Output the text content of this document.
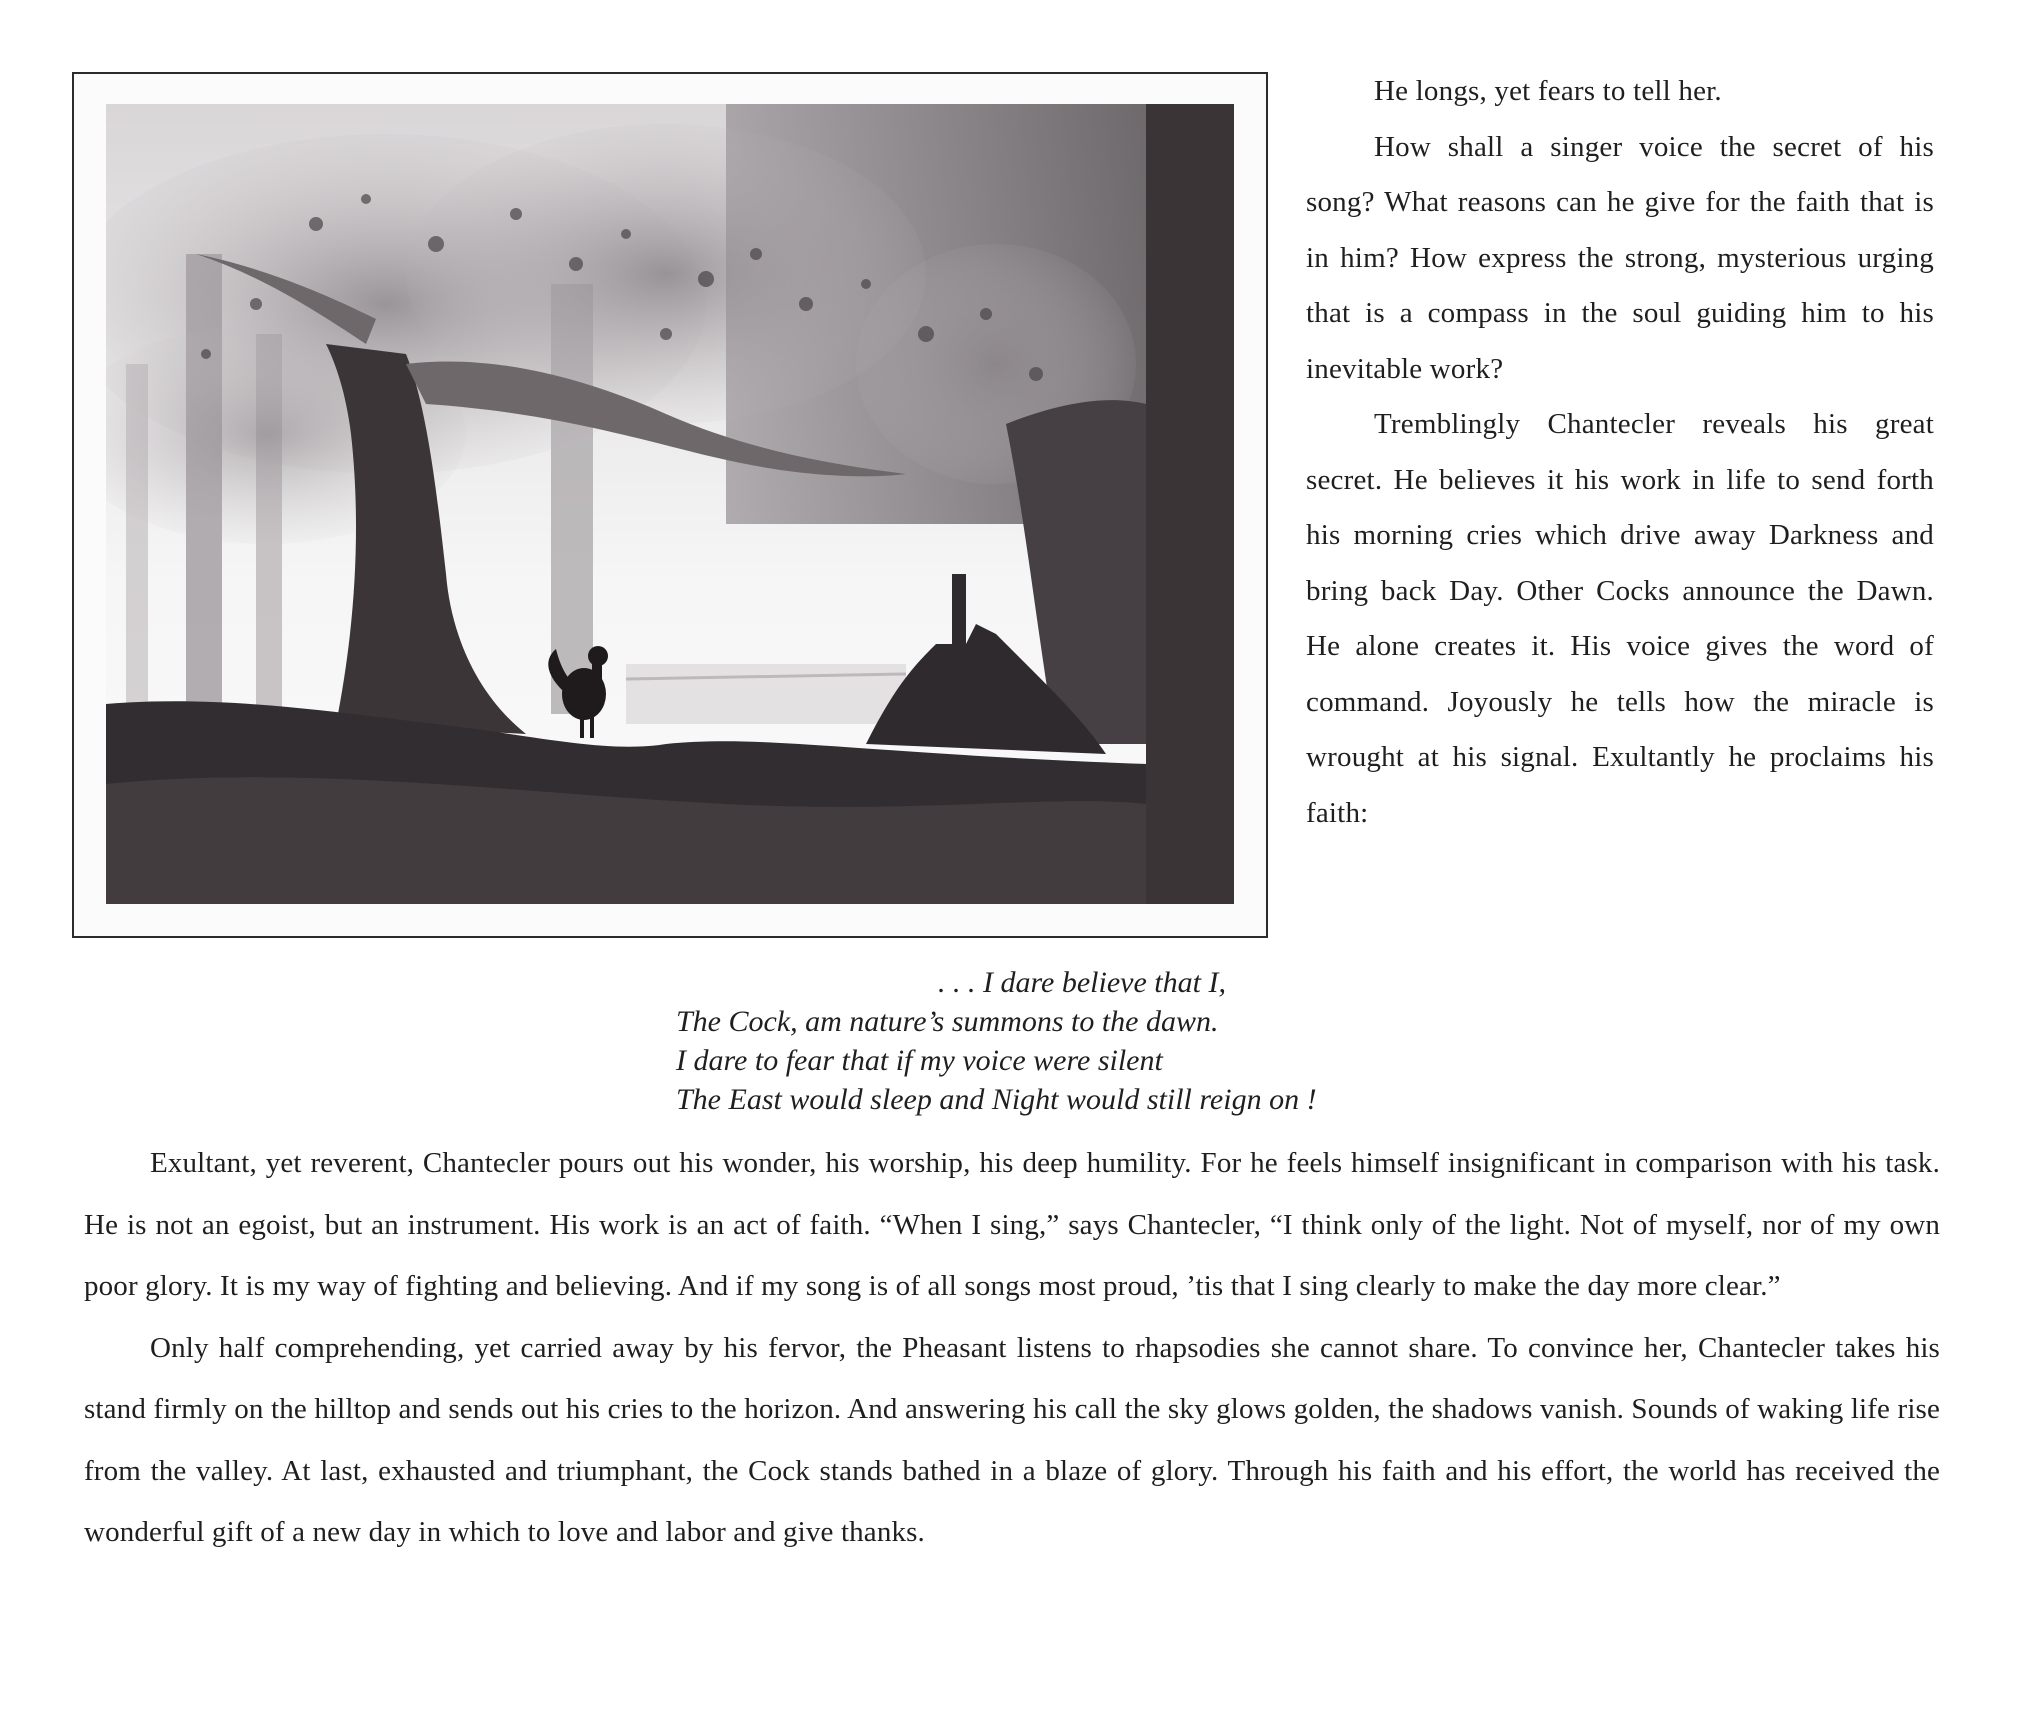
He longs, yet fears to tell her.

How shall a singer voice the secret of his song? What reasons can he give for the faith that is in him? How express the strong, mysterious urging that is a compass in the soul guiding him to his inevitable work?

Tremblingly Chantecler reveals his great secret. He believes it his work in life to send forth his morning cries which drive away Darkness and bring back Day. Other Cocks announce the Dawn. He alone creates it. His voice gives the word of command. Joyously he tells how the miracle is wrought at his signal. Exultantly he proclaims his faith:

. . . I dare believe that I,
The Cock, am nature’s summons to the dawn.
I dare to fear that if my voice were silent
The East would sleep and Night would still reign on !

Exultant, yet reverent, Chantecler pours out his wonder, his worship, his deep humility. For he feels himself insignificant in comparison with his task. He is not an egoist, but an instrument. His work is an act of faith. “When I sing,” says Chantecler, “I think only of the light. Not of myself, nor of my own poor glory. It is my way of fighting and believing. And if my song is of all songs most proud, ’tis that I sing clearly to make the day more clear.”

Only half comprehending, yet carried away by his fervor, the Pheasant listens to rhapsodies she cannot share. To convince her, Chantecler takes his stand firmly on the hilltop and sends out his cries to the horizon. And answering his call the sky glows golden, the shadows vanish. Sounds of waking life rise from the valley. At last, exhausted and triumphant, the Cock stands bathed in a blaze of glory. Through his faith and his effort, the world has received the wonderful gift of a new day in which to love and labor and give thanks.
